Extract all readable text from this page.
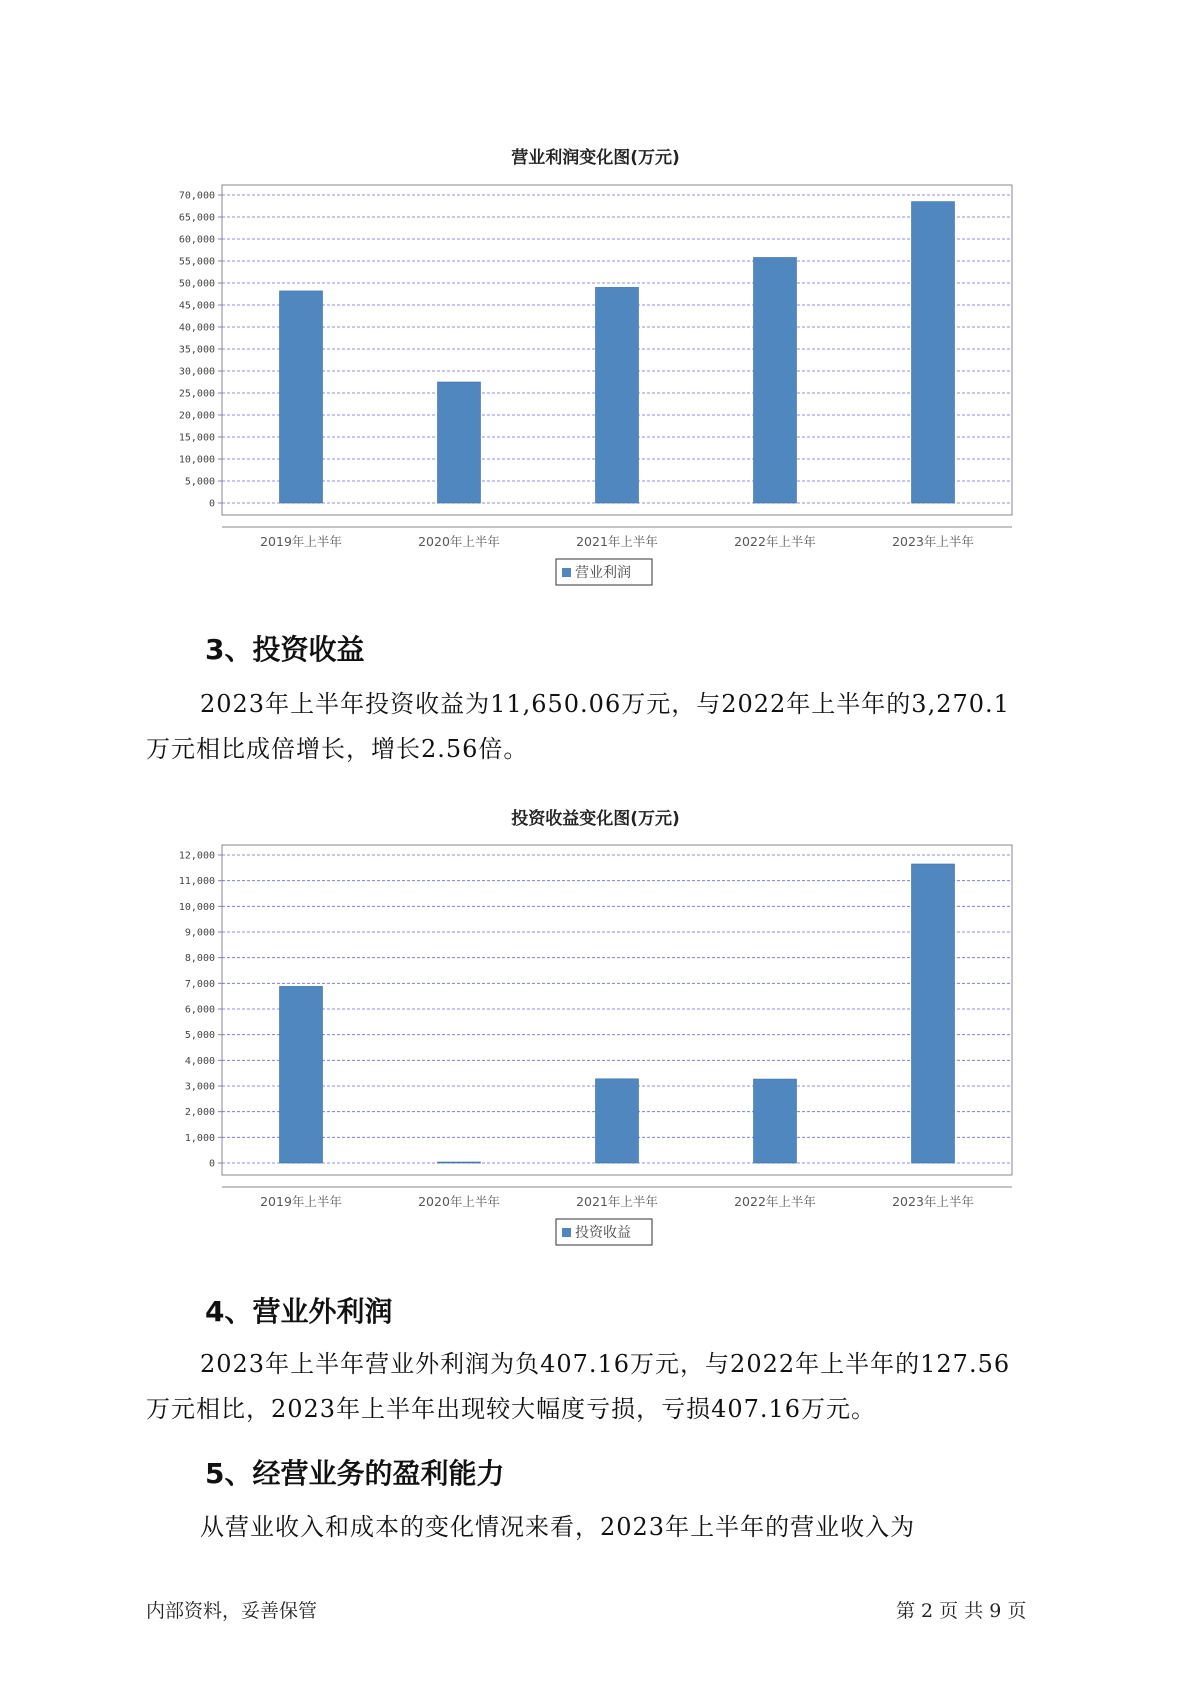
营业利润变化图(万元)
70,000
65,000
60,000
55,000
50,000
45,000
40,000
35,000
30,000
25,000
20,000
15,000
10,000
5,000
0
2019年上半年	2020年上半年	2021年上半年	2022年上半年	2023年上半年
营业利润
3、投资收益

2023年上半年投资收益为11,650.06万元，与2022年上半年的3,270.1
万元相比成倍增长，增长2.56倍。

投资收益变化图(万元)
12,000
11,000
10,000
9,000
8,000
7,000
6,000
5,000
4,000
3,000
2,000
1,000
0
2019年上半年	2020年上半年	2021年上半年	2022年上半年	2023年上半年
投资收益
4、营业外利润

2023年上半年营业外利润为负407.16万元，与2022年上半年的127.56
万元相比，2023年上半年出现较大幅度亏损，亏损407.16万元。

5、经营业务的盈利能力

从营业收入和成本的变化情况来看，2023年上半年的营业收入为

内部资料，妥善保管	第 2 页 共 9 页
